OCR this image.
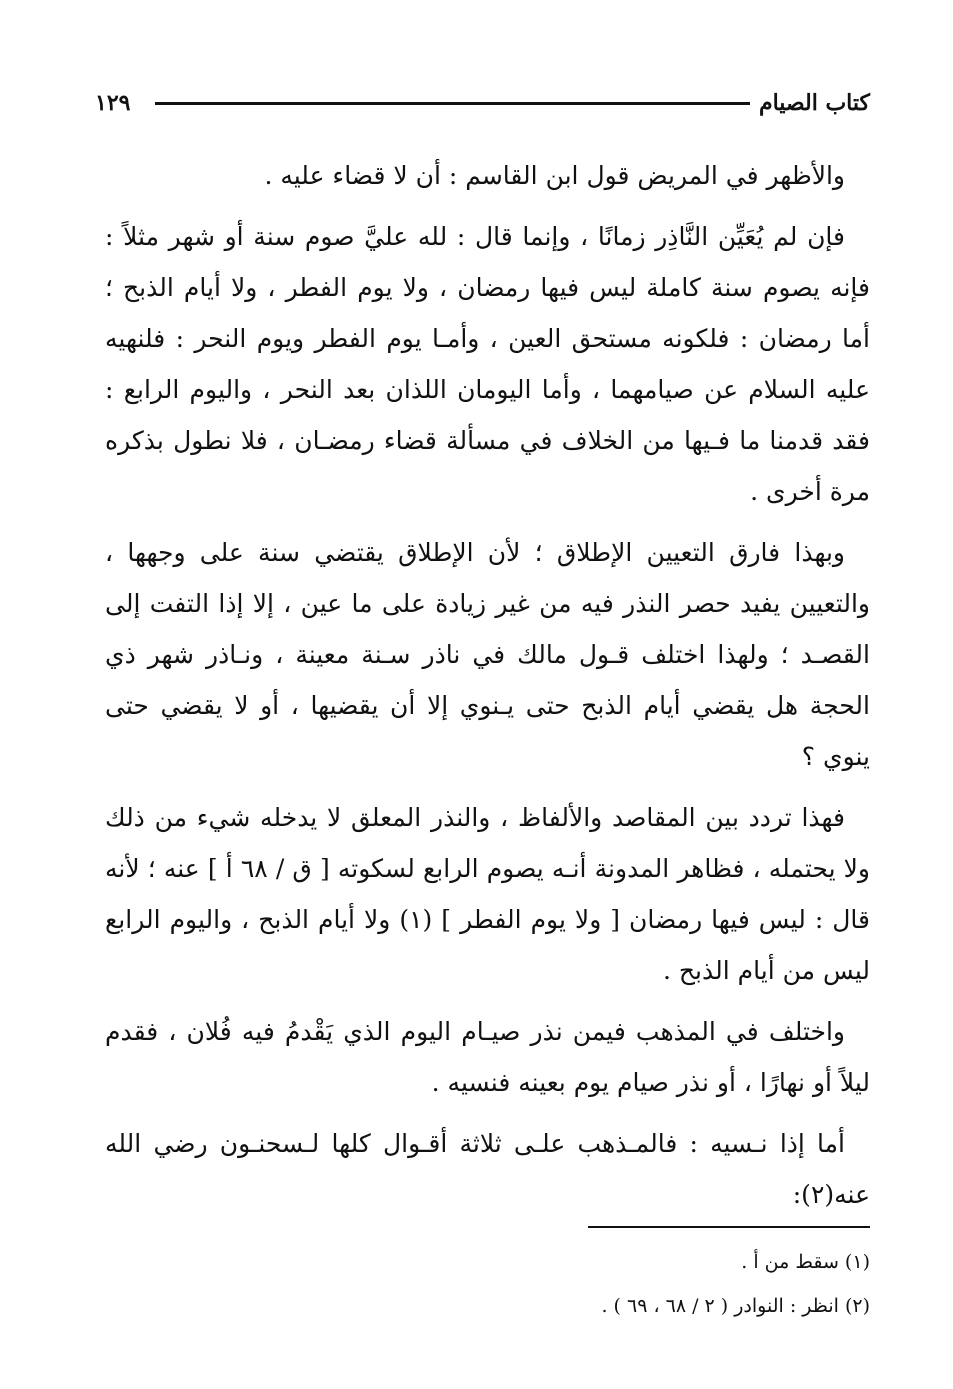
كتاب الصيام
١٢٩

والأظهر في المريض قول ابن القاسم : أن لا قضاء عليه .

فإن لم يُعَيِّن النَّاذِر زمانًا ، وإنما قال : لله عليَّ صوم سنة أو شهر مثلاً : فإنه يصوم سنة كاملة ليس فيها رمضان ، ولا يوم الفطر ، ولا أيام الذبح ؛ أما رمضان : فلكونه مستحق العين ، وأمـا يوم الفطر ويوم النحر : فلنهيه عليه السلام عن صيامهما ، وأما اليومان اللذان بعد النحر ، واليوم الرابع : فقد قدمنا ما فـيها من الخلاف في مسألة قضاء رمضـان ، فلا نطول بذكره مرة أخرى .

وبهذا فارق التعيين الإطلاق ؛ لأن الإطلاق يقتضي سنة على وجهها ، والتعيين يفيد حصر النذر فيه من غير زيادة على ما عين ، إلا إذا التفت إلى القصـد ؛ ولهذا اختلف قـول مالك في ناذر سـنة معينة ، ونـاذر شهر ذي الحجة هل يقضي أيام الذبح حتى يـنوي إلا أن يقضيها ، أو لا يقضي حتى ينوي ؟

فهذا تردد بين المقاصد والألفاظ ، والنذر المعلق لا يدخله شيء من ذلك ولا يحتمله ، فظاهر المدونة أنـه يصوم الرابع لسكوته [ ق / ٦٨ أ ] عنه ؛ لأنه قال : ليس فيها رمضان [ ولا يوم الفطر ] (١) ولا أيام الذبح ، واليوم الرابع ليس من أيام الذبح .

واختلف في المذهب فيمن نذر صيـام اليوم الذي يَقْدمُ فيه فُلان ، فقدم ليلاً أو نهارًا ، أو نذر صيام يوم بعينه فنسيه .

أما إذا نـسيه : فالمـذهب علـى ثلاثة أقـوال كلها لـسحنـون رضي الله عنه(٢):

(١) سقط من أ .

(٢) انظر : النوادر ( ٢ / ٦٨ ، ٦٩ ) .
